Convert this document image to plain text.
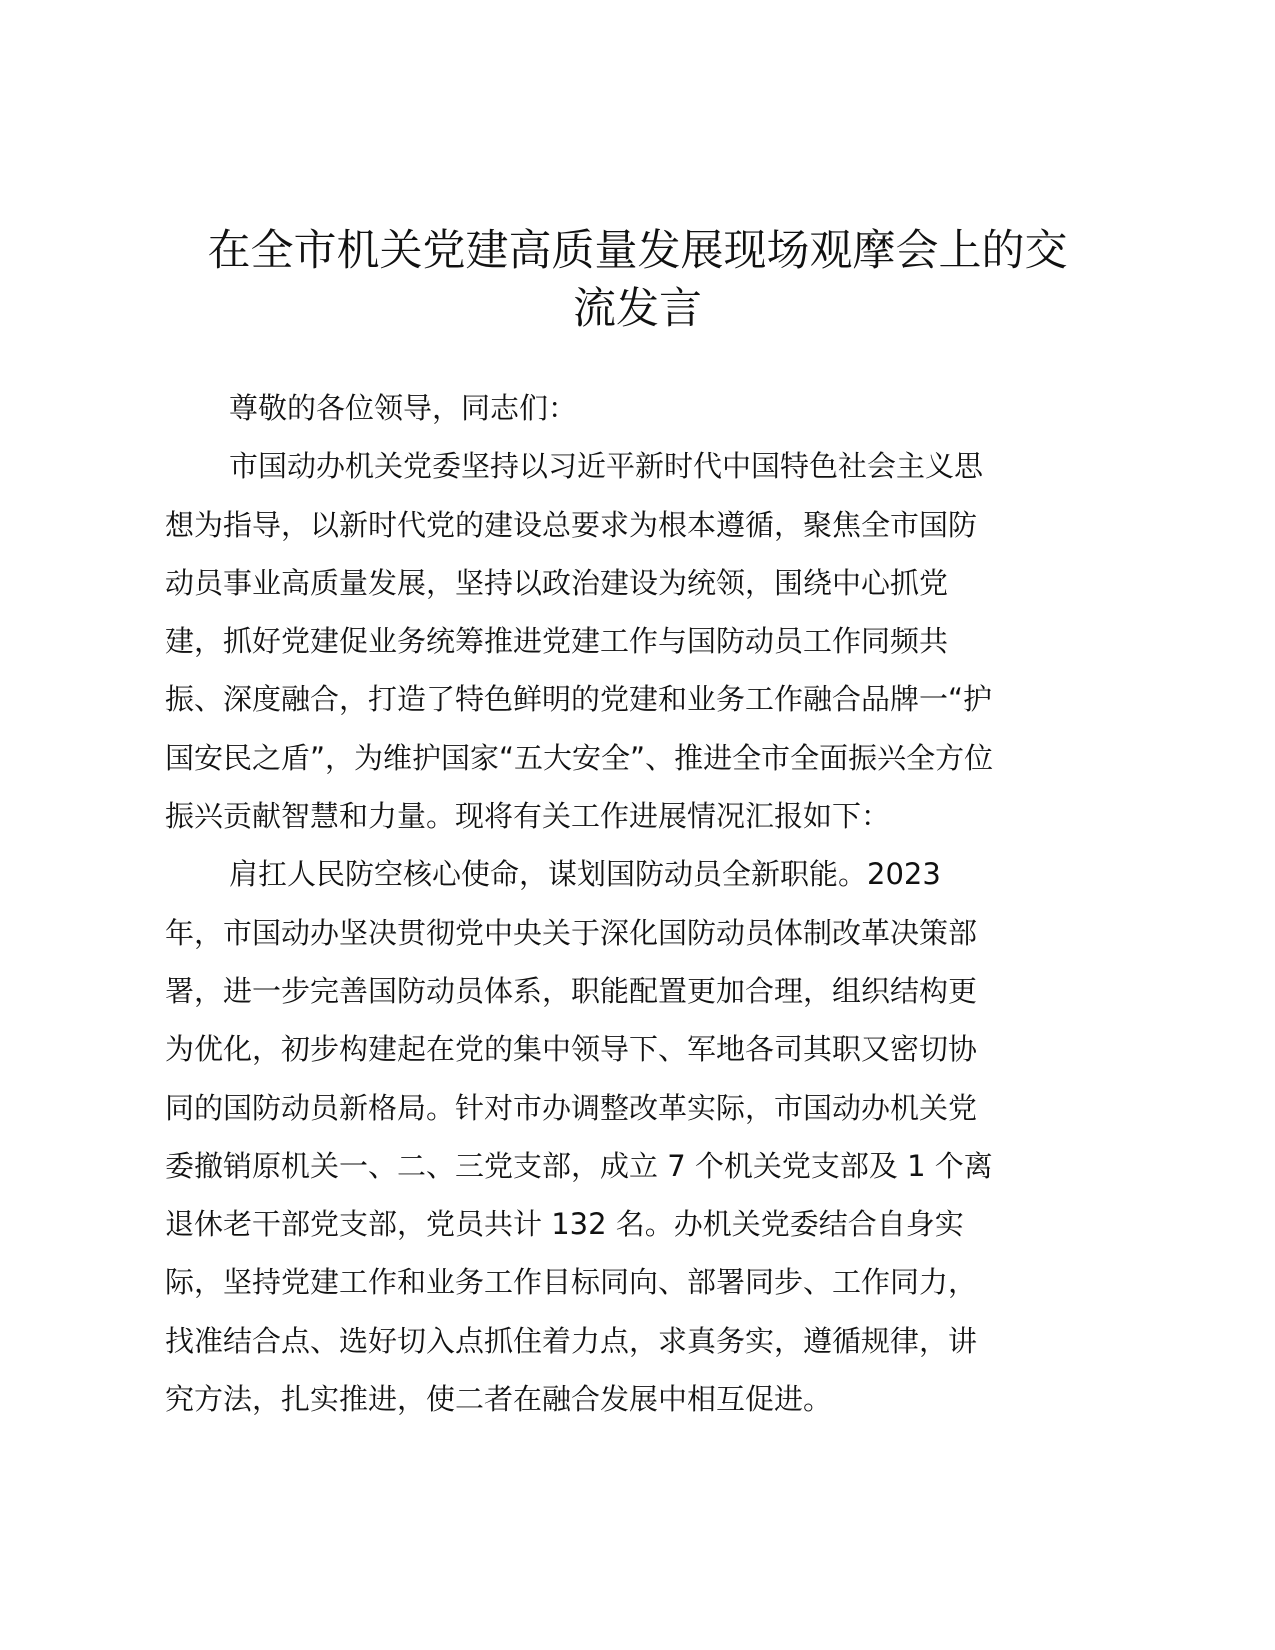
在全市机关党建高质量发展现场观摩会上的交
流发言
尊敬的各位领导，同志们：
市国动办机关党委坚持以习近平新时代中国特色社会主义思
想为指导，以新时代党的建设总要求为根本遵循，聚焦全市国防
动员事业高质量发展，坚持以政治建设为统领，围绕中心抓党
建，抓好党建促业务统筹推进党建工作与国防动员工作同频共
振、深度融合，打造了特色鲜明的党建和业务工作融合品牌一“护
国安民之盾”，为维护国家“五大安全”、推进全市全面振兴全方位
振兴贡献智慧和力量。现将有关工作进展情况汇报如下：
肩扛人民防空核心使命，谋划国防动员全新职能。2023
年，市国动办坚决贯彻党中央关于深化国防动员体制改革决策部
署，进一步完善国防动员体系，职能配置更加合理，组织结构更
为优化，初步构建起在党的集中领导下、军地各司其职又密切协
同的国防动员新格局。针对市办调整改革实际，市国动办机关党
委撤销原机关一、二、三党支部，成立 7 个机关党支部及 1 个离
退休老干部党支部，党员共计 132 名。办机关党委结合自身实
际，坚持党建工作和业务工作目标同向、部署同步、工作同力，
找准结合点、选好切入点抓住着力点，求真务实，遵循规律，讲
究方法，扎实推进，使二者在融合发展中相互促进。
